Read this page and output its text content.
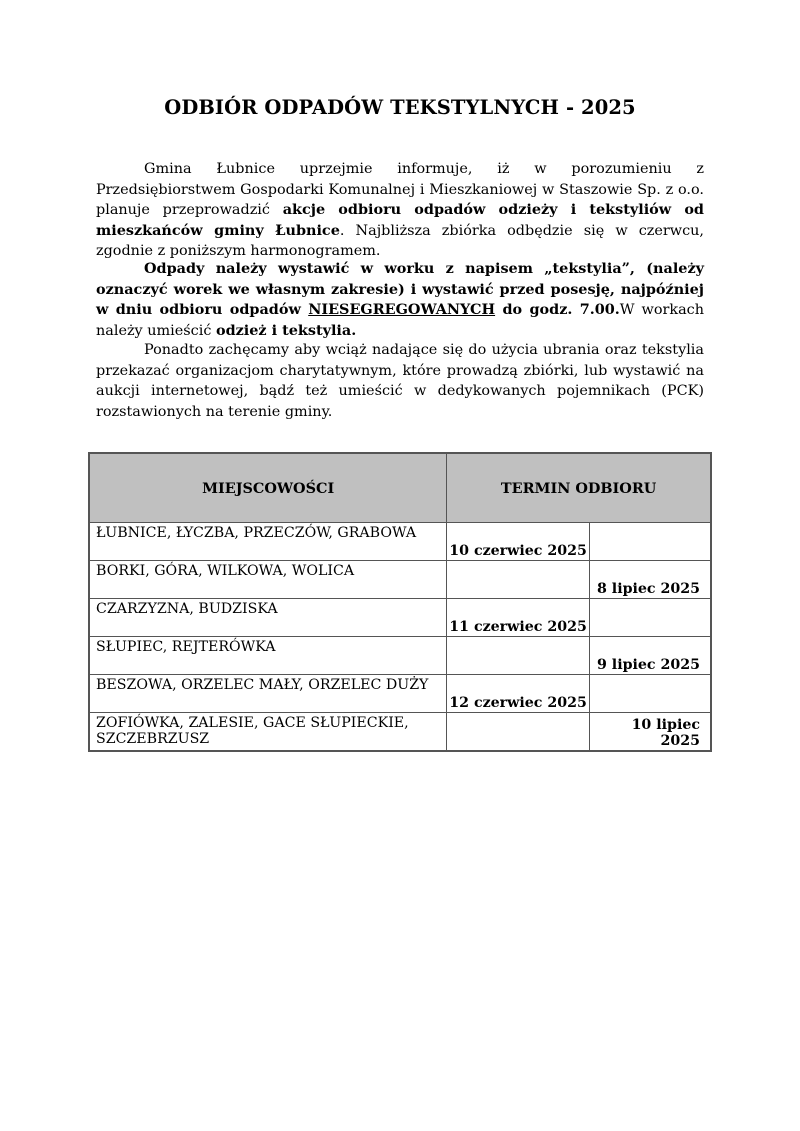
ODBIÓR ODPADÓW TEKSTYLNYCH - 2025

Gmina Łubnice uprzejmie informuje, iż w porozumieniu z Przedsiębiorstwem Gospodarki Komunalnej i Mieszkaniowej w Staszowie Sp. z o.o. planuje przeprowadzić akcje odbioru odpadów odzieży i tekstyliów od mieszkańców gminy Łubnice. Najbliższa zbiórka odbędzie się w czerwcu, zgodnie z poniższym harmonogramem.

Odpady należy wystawić w worku z napisem „tekstylia”, (należy oznaczyć worek we własnym zakresie) i wystawić przed posesję, najpóźniej w dniu odbioru odpadów NIESEGREGOWANYCH do godz. 7.00.W workach należy umieścić odzież i tekstylia.

Ponadto zachęcamy aby wciąż nadające się do użycia ubrania oraz tekstylia przekazać organizacjom charytatywnym, które prowadzą zbiórki, lub wystawić na aukcji internetowej, bądź też umieścić w dedykowanych pojemnikach (PCK) rozstawionych na terenie gminy.

MIEJSCOWOŚCI	TERMIN ODBIORU	
ŁUBNICE, ŁYCZBA, PRZECZÓW, GRABOWA	10 czerwiec 2025	
BORKI, GÓRA, WILKOWA, WOLICA		8 lipiec 2025
CZARZYZNA, BUDZISKA	11 czerwiec 2025	
SŁUPIEC, REJTERÓWKA		9 lipiec 2025
BESZOWA, ORZELEC MAŁY, ORZELEC DUŻY	12 czerwiec 2025	
ZOFIÓWKA, ZALESIE, GACE SŁUPIECKIE, SZCZEBRZUSZ		10 lipiec 2025
